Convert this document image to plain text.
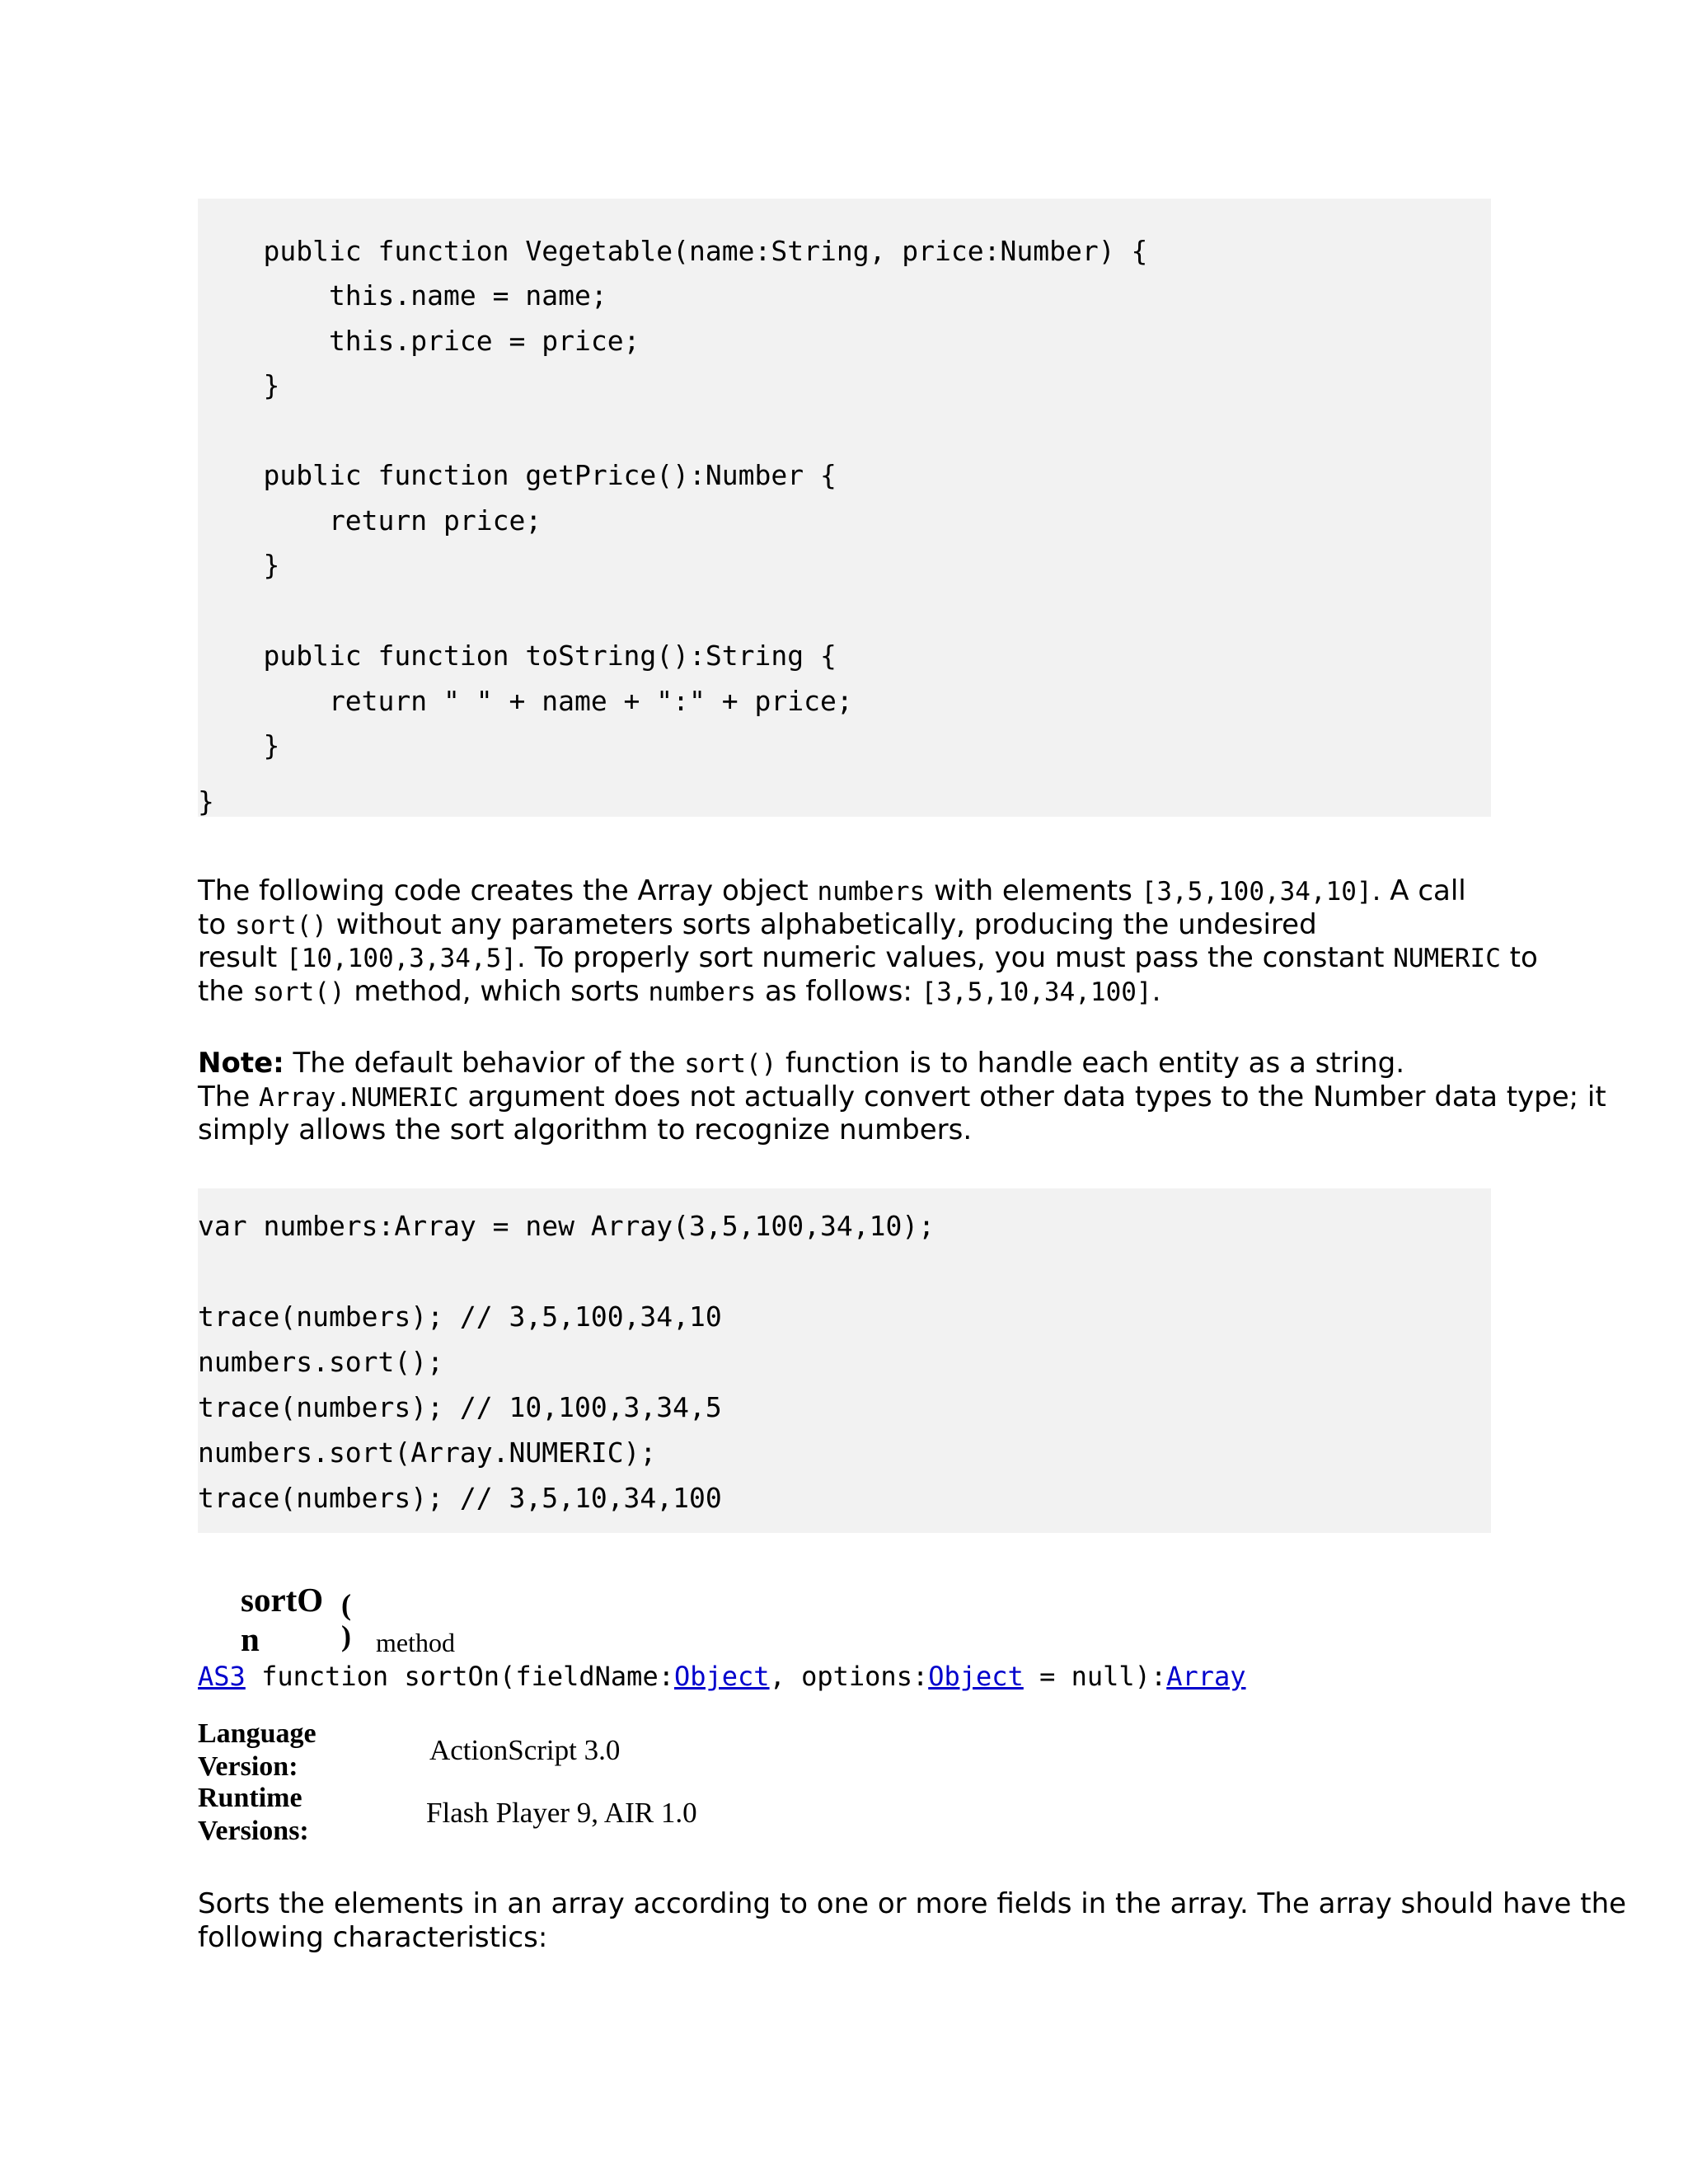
public function Vegetable(name:String, price:Number) {

this.name = name;

this.price = price;

}

public function getPrice():Number {

return price;

}

public function toString():String {

return " " + name + ":" + price;

}

}
The following code creates the Array object numbers with elements [3,5,100,34,10]. A call
to sort() without any parameters sorts alphabetically, producing the undesired
result [10,100,3,34,5]. To properly sort numeric values, you must pass the constant NUMERIC to
the sort() method, which sorts numbers as follows: [3,5,10,34,100].
Note: The default behavior of the sort() function is to handle each entity as a string.
The Array.NUMERIC argument does not actually convert other data types to the Number data type; it
simply allows the sort algorithm to recognize numbers.

var numbers:Array = new Array(3,5,100,34,10);

trace(numbers); // 3,5,100,34,10

numbers.sort();

trace(numbers); // 10,100,3,34,5

numbers.sort(Array.NUMERIC);

trace(numbers); // 3,5,10,34,100

sortO
n
(
) method
AS3 function sortOn(fieldName:Object, options:Object = null):Array
Language
Version:
ActionScript 3.0
Runtime
Versions:
Flash Player 9, AIR 1.0
Sorts the elements in an array according to one or more fields in the array. The array should have the
following characteristics:
